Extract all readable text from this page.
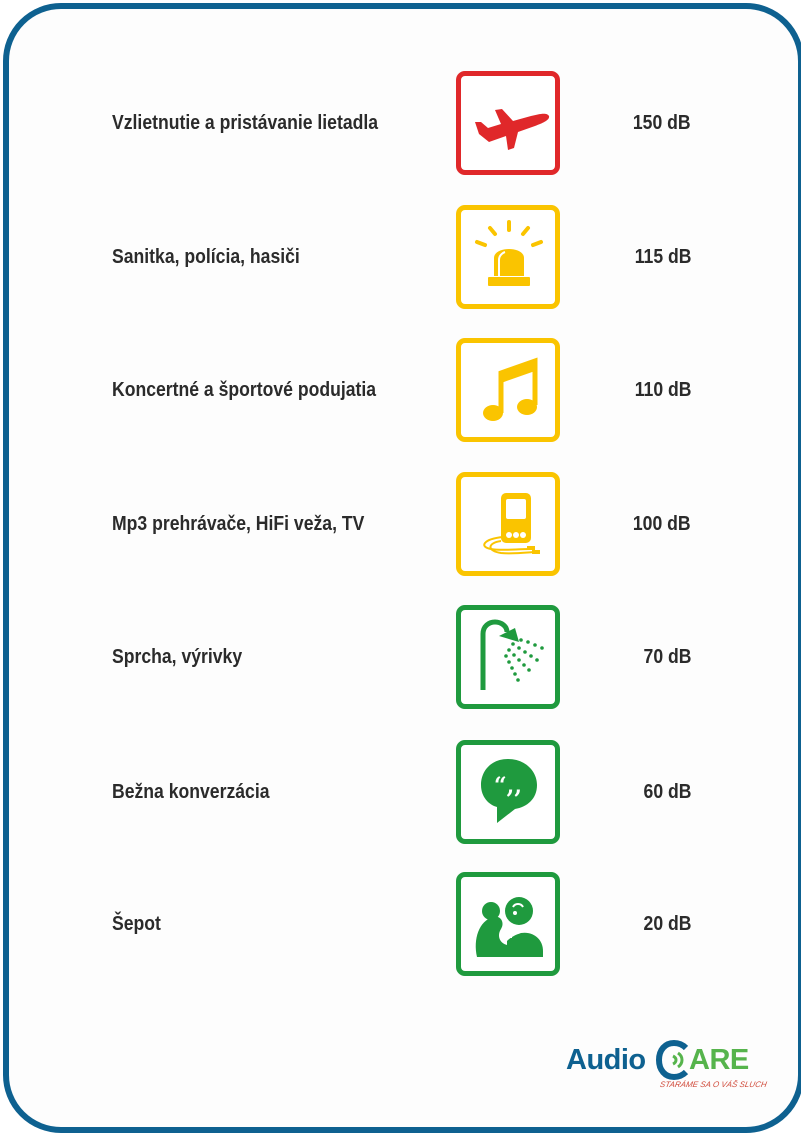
Vzlietnutie a pristávanie lietadla	150 dB
Sanitka, polícia, hasiči	115 dB
Koncertné a športové podujatia	110 dB
Mp3 prehrávače, HiFi veža, TV	100 dB
Sprcha, výrivky	70 dB
Bežna konverzácia	“,,	60 dB
Šepot	20 dB
Audio ARE
STARÁME SA O VÁŠ SLUCH
